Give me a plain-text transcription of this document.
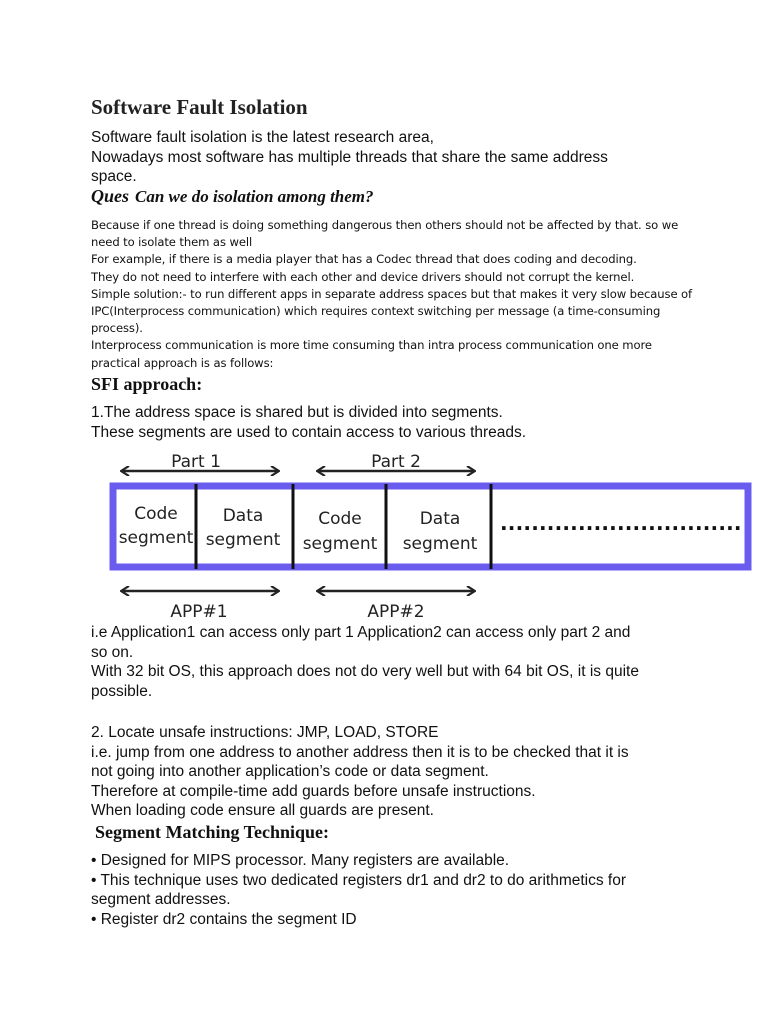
Software Fault Isolation
Software fault isolation is the latest research area,
Nowadays most software has multiple threads that share the same address
space.
Ques Can we do isolation among them?
Because if one thread is doing something dangerous then others should not be affected by that. so we
need to isolate them as well
For example, if there is a media player that has a Codec thread that does coding and decoding.
They do not need to interfere with each other and device drivers should not corrupt the kernel.
Simple solution:- to run different apps in separate address spaces but that makes it very slow because of
IPC(Interprocess communication) which requires context switching per message (a time-consuming
process).
Interprocess communication is more time consuming than intra process communication one more
practical approach is as follows:
SFI approach:
1.The address space is shared but is divided into segments.
These segments are used to contain access to various threads.
Part 1	Part 2
Code
segment
Data
segment
Code
segment
Data
segment
...............................
APP#1	APP#2
i.e Application1 can access only part 1 Application2 can access only part 2 and
so on.
With 32 bit OS, this approach does not do very well but with 64 bit OS, it is quite
possible.
2. Locate unsafe instructions: JMP, LOAD, STORE
i.e. jump from one address to another address then it is to be checked that it is
not going into another application’s code or data segment.
Therefore at compile-time add guards before unsafe instructions.
When loading code ensure all guards are present.
Segment Matching Technique:
• Designed for MIPS processor. Many registers are available.
• This technique uses two dedicated registers dr1 and dr2 to do arithmetics for
segment addresses.
• Register dr2 contains the segment ID
